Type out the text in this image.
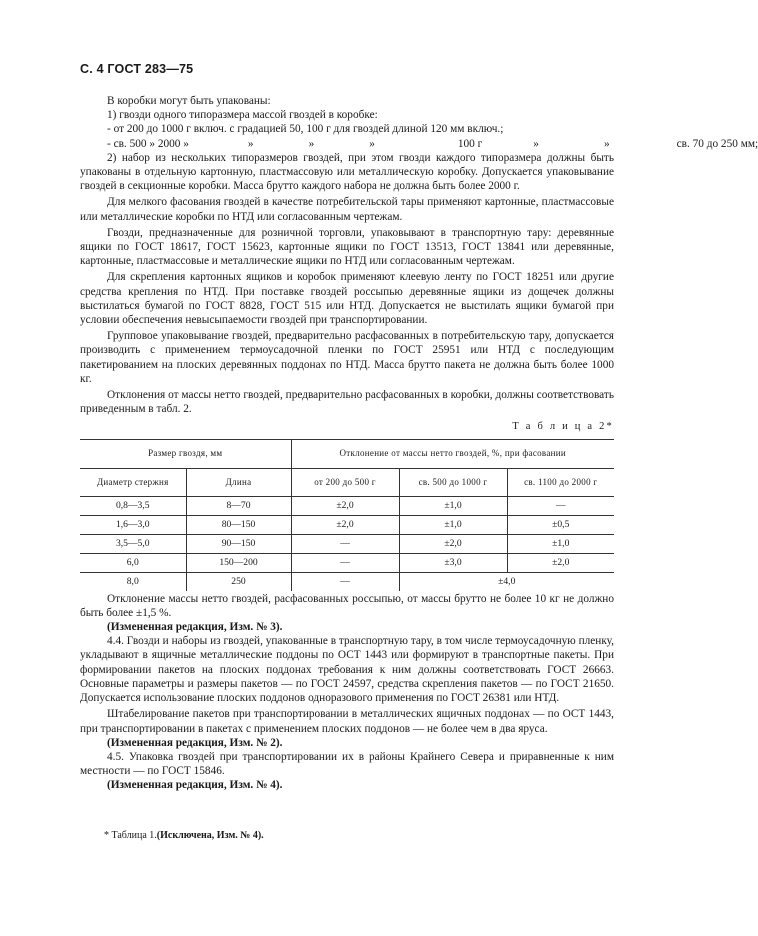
С. 4 ГОСТ 283—75

В коробки могут быть упакованы:

1) гвозди одного типоразмера массой гвоздей в коробке:

- от 200 до 1000 г включ. с градацией 50, 100 г для гвоздей длиной 120 мм включ.;

- св. 500 » 2000 »	»	»	»	100 г	»	»	св. 70 до 250 мм;

2) набор из нескольких типоразмеров гвоздей, при этом гвозди каждого типоразмера должны быть упакованы в отдельную картонную, пластмассовую или металлическую коробку. Допускается упаковывание гвоздей в секционные коробки. Масса брутто каждого набора не должна быть более 2000 г.

Для мелкого фасования гвоздей в качестве потребительской тары применяют картонные, пластмассовые или металлические коробки по НТД или согласованным чертежам.

Гвозди, предназначенные для розничной торговли, упаковывают в транспортную тару: деревянные ящики по ГОСТ 18617, ГОСТ 15623, картонные ящики по ГОСТ 13513, ГОСТ 13841 или деревянные, картонные, пластмассовые и металлические ящики по НТД или согласованным чертежам.

Для скрепления картонных ящиков и коробок применяют клеевую ленту по ГОСТ 18251 или другие средства крепления по НТД. При поставке гвоздей россыпью деревянные ящики из дощечек должны выстилаться бумагой по ГОСТ 8828, ГОСТ 515 или НТД. Допускается не выстилать ящики бумагой при условии обеспечения невысыпаемости гвоздей при транспортировании.

Групповое упаковывание гвоздей, предварительно расфасованных в потребительскую тару, допускается производить с применением термоусадочной пленки по ГОСТ 25951 или НТД с последующим пакетированием на плоских деревянных поддонах по НТД. Масса брутто пакета не должна быть более 1000 кг.

Отклонения от массы нетто гвоздей, предварительно расфасованных в коробки, должны соответствовать приведенным в табл. 2.

Т а б л и ц а 2*
Размер гвоздя, мм		Отклонение от массы нетто гвоздей, %, при фасовании		
Диаметр стержня	Длина	от 200 до 500 г	св. 500 до 1000 г	св. 1100 до 2000 г
0,8—3,5	8—70	±2,0	±1,0	—
1,6—3,0	80—150	±2,0	±1,0	±0,5
3,5—5,0	90—150	—	±2,0	±1,0
6,0	150—200	—	±3,0	±2,0
8,0	250	—	±4,0	

Отклонение массы нетто гвоздей, расфасованных россыпью, от массы брутто не более 10 кг не должно быть более ±1,5 %.

(Измененная редакция, Изм. № 3).

4.4. Гвозди и наборы из гвоздей, упакованные в транспортную тару, в том числе термоусадочную пленку, укладывают в ящичные металлические поддоны по ОСТ 1443 или формируют в транспортные пакеты. При формировании пакетов на плоских поддонах требования к ним должны соответствовать ГОСТ 26663. Основные параметры и размеры пакетов — по ГОСТ 24597, средства скрепления пакетов — по ГОСТ 21650. Допускается использование плоских поддонов одноразового применения по ГОСТ 26381 или НТД.

Штабелирование пакетов при транспортировании в металлических ящичных поддонах — по ОСТ 1443, при транспортировании в пакетах с применением плоских поддонов — не более чем в два яруса.

(Измененная редакция, Изм. № 2).

4.5. Упаковка гвоздей при транспортировании их в районы Крайнего Севера и приравненные к ним местности — по ГОСТ 15846.

(Измененная редакция, Изм. № 4).

* Таблица 1.(Исключена, Изм. № 4).
